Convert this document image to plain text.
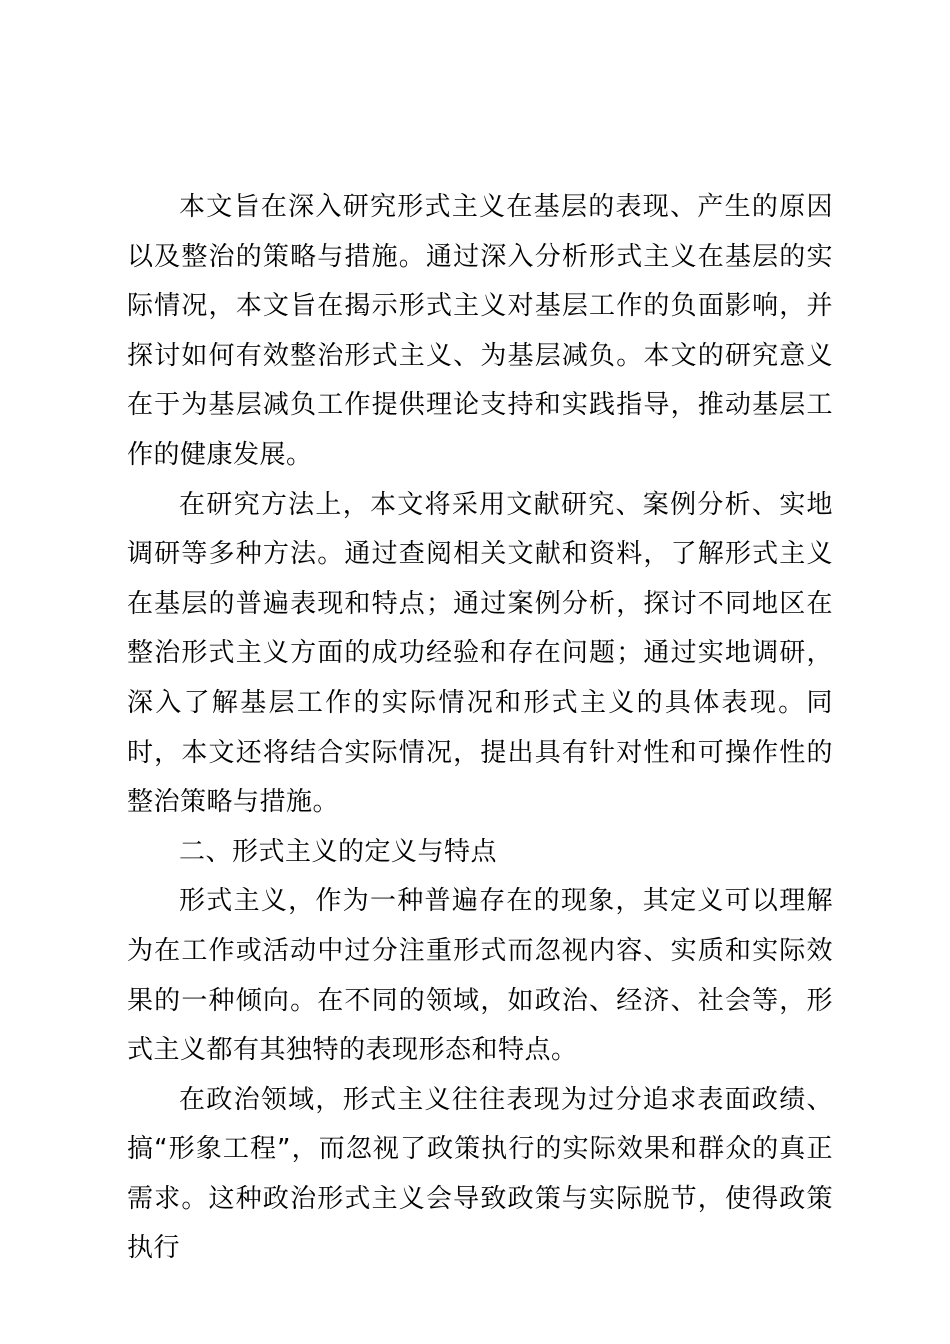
本文旨在深入研究形式主义在基层的表现、产生的原因以及整治的策略与措施。通过深入分析形式主义在基层的实际情况，本文旨在揭示形式主义对基层工作的负面影响，并探讨如何有效整治形式主义、为基层减负。本文的研究意义在于为基层减负工作提供理论支持和实践指导，推动基层工作的健康发展。

在研究方法上，本文将采用文献研究、案例分析、实地调研等多种方法。通过查阅相关文献和资料，了解形式主义在基层的普遍表现和特点；通过案例分析，探讨不同地区在整治形式主义方面的成功经验和存在问题；通过实地调研，深入了解基层工作的实际情况和形式主义的具体表现。同时，本文还将结合实际情况，提出具有针对性和可操作性的整治策略与措施。

二、形式主义的定义与特点

形式主义，作为一种普遍存在的现象，其定义可以理解为在工作或活动中过分注重形式而忽视内容、实质和实际效果的一种倾向。在不同的领域，如政治、经济、社会等，形式主义都有其独特的表现形态和特点。

在政治领域，形式主义往往表现为过分追求表面政绩、搞“形象工程”，而忽视了政策执行的实际效果和群众的真正需求。这种政治形式主义会导致政策与实际脱节，使得政策执行
